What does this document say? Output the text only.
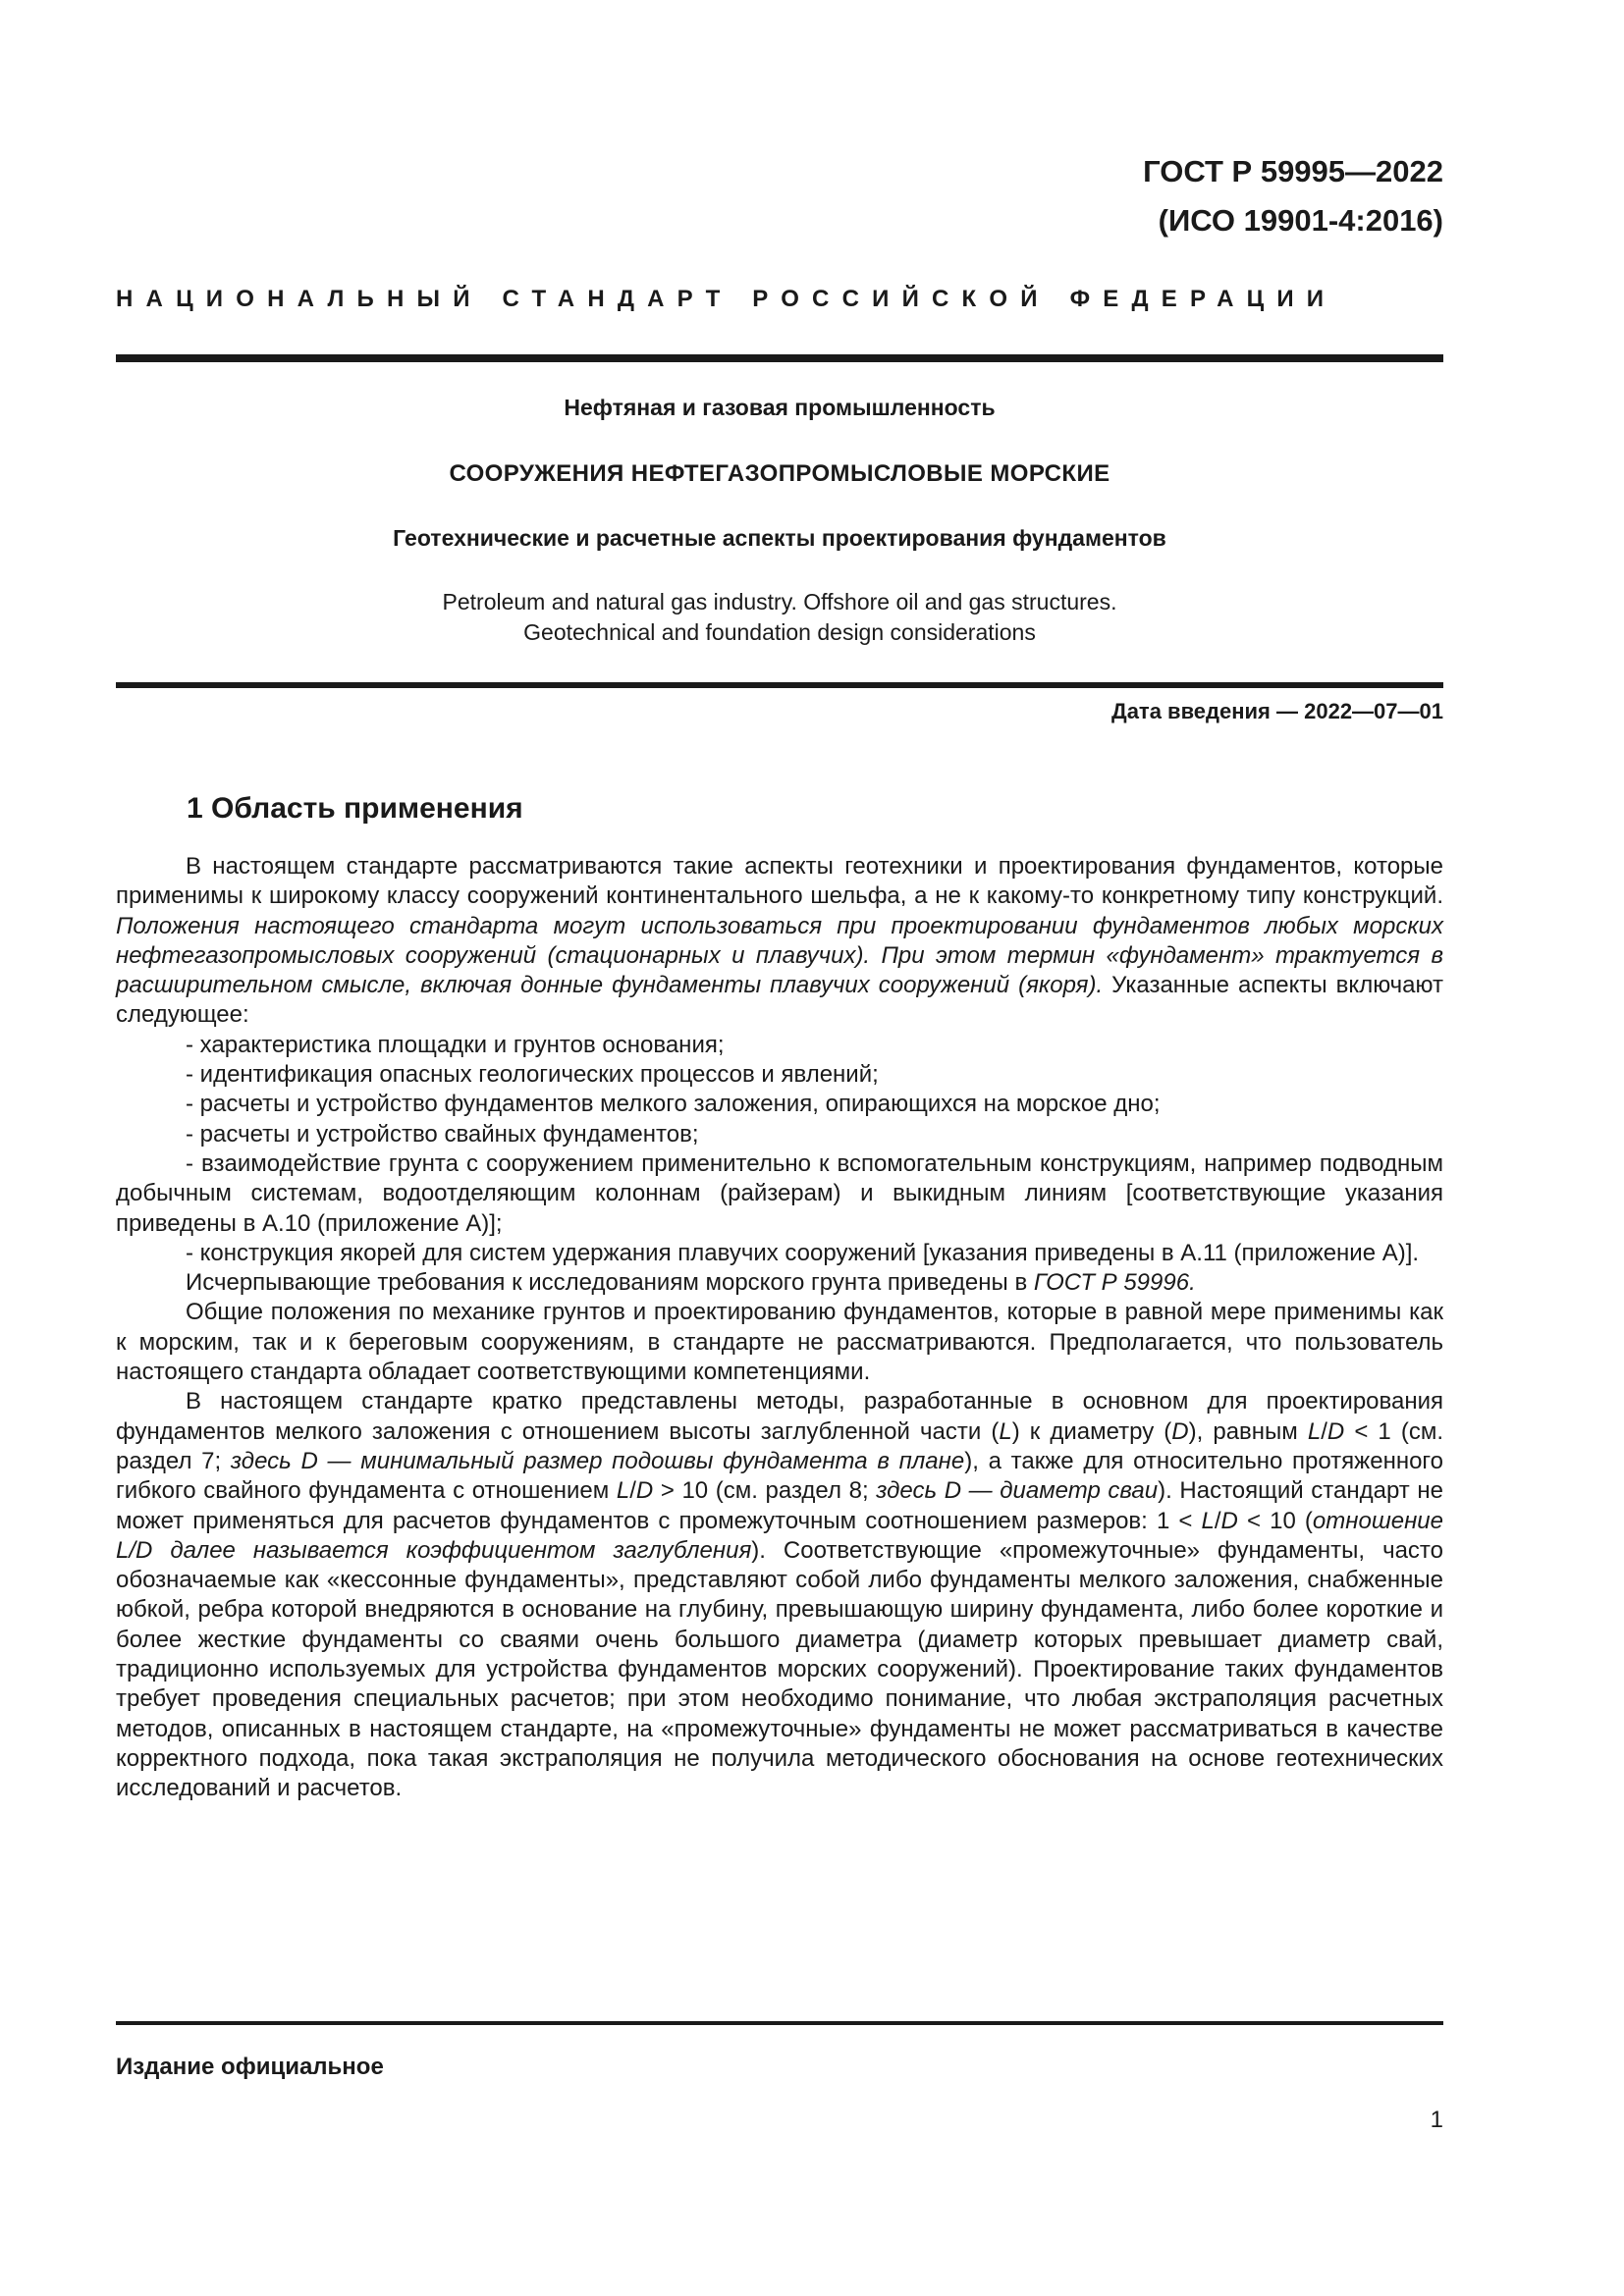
ГОСТ Р 59995—2022
(ИСО 19901-4:2016)
НАЦИОНАЛЬНЫЙ СТАНДАРТ РОССИЙСКОЙ ФЕДЕРАЦИИ
Нефтяная и газовая промышленность
СООРУЖЕНИЯ НЕФТЕГАЗОПРОМЫСЛОВЫЕ МОРСКИЕ
Геотехнические и расчетные аспекты проектирования фундаментов
Petroleum and natural gas industry. Offshore oil and gas structures.
Geotechnical and foundation design considerations
Дата введения — 2022—07—01
1 Область применения

В настоящем стандарте рассматриваются такие аспекты геотехники и проектирования фундаментов, которые применимы к широкому классу сооружений континентального шельфа, а не к какому-то конкретному типу конструкций. Положения настоящего стандарта могут использоваться при проектировании фундаментов любых морских нефтегазопромысловых сооружений (стационарных и плавучих). При этом термин «фундамент» трактуется в расширительном смысле, включая донные фундаменты плавучих сооружений (якоря). Указанные аспекты включают следующее:

- характеристика площадки и грунтов основания;

- идентификация опасных геологических процессов и явлений;

- расчеты и устройство фундаментов мелкого заложения, опирающихся на морское дно;

- расчеты и устройство свайных фундаментов;

- взаимодействие грунта с сооружением применительно к вспомогательным конструкциям, например подводным добычным системам, водоотделяющим колоннам (райзерам) и выкидным линиям [соответствующие указания приведены в А.10 (приложение А)];

- конструкция якорей для систем удержания плавучих сооружений [указания приведены в А.11 (приложение А)].

Исчерпывающие требования к исследованиям морского грунта приведены в ГОСТ Р 59996.

Общие положения по механике грунтов и проектированию фундаментов, которые в равной мере применимы как к морским, так и к береговым сооружениям, в стандарте не рассматриваются. Предполагается, что пользователь настоящего стандарта обладает соответствующими компетенциями.

В настоящем стандарте кратко представлены методы, разработанные в основном для проектирования фундаментов мелкого заложения с отношением высоты заглубленной части (L) к диаметру (D), равным L/D < 1 (см. раздел 7; здесь D — минимальный размер подошвы фундамента в плане), а также для относительно протяженного гибкого свайного фундамента с отношением L/D > 10 (см. раздел 8; здесь D — диаметр сваи). Настоящий стандарт не может применяться для расчетов фундаментов с промежуточным соотношением размеров: 1 < L/D < 10 (отношение L/D далее называется коэффициентом заглубления). Соответствующие «промежуточные» фундаменты, часто обозначаемые как «кессонные фундаменты», представляют собой либо фундаменты мелкого заложения, снабженные юбкой, ребра которой внедряются в основание на глубину, превышающую ширину фундамента, либо более короткие и более жесткие фундаменты со сваями очень большого диаметра (диаметр которых превышает диаметр свай, традиционно используемых для устройства фундаментов морских сооружений). Проектирование таких фундаментов требует проведения специальных расчетов; при этом необходимо понимание, что любая экстраполяция расчетных методов, описанных в настоящем стандарте, на «промежуточные» фундаменты не может рассматриваться в качестве корректного подхода, пока такая экстраполяция не получила методического обоснования на основе геотехнических исследований и расчетов.

Издание официальное
1
